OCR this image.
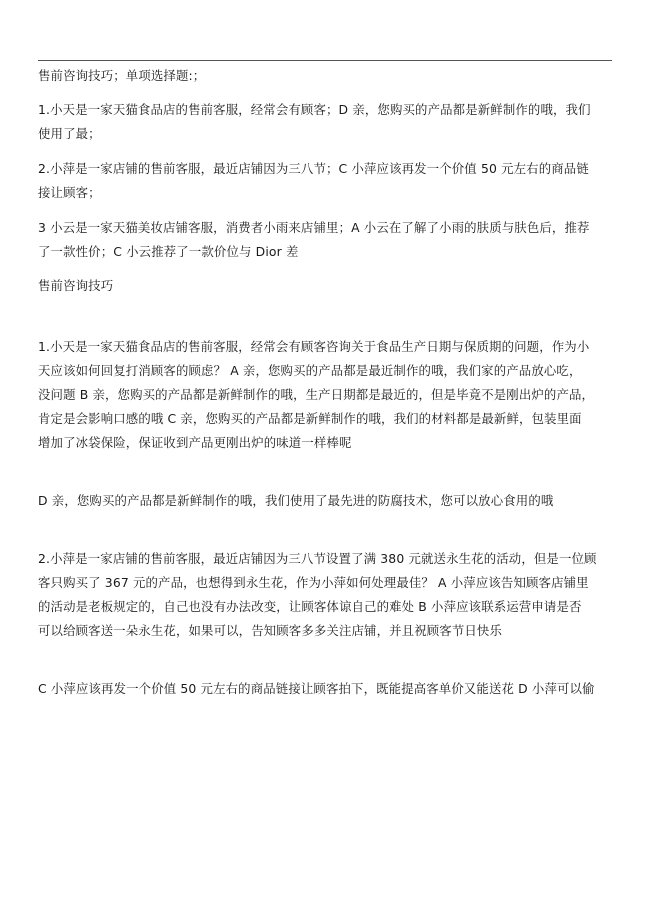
售前咨询技巧；单项选择题:；
1.小天是一家天猫食品店的售前客服，经常会有顾客；D 亲，您购买的产品都是新鲜制作的哦，我们
使用了最；
2.小萍是一家店铺的售前客服，最近店铺因为三八节；C 小萍应该再发一个价值 50 元左右的商品链
接让顾客；
3 小云是一家天猫美妆店铺客服，消费者小雨来店铺里；A 小云在了解了小雨的肤质与肤色后，推荐
了一款性价；C 小云推荐了一款价位与 Dior 差
售前咨询技巧
1.小天是一家天猫食品店的售前客服，经常会有顾客咨询关于食品生产日期与保质期的问题，作为小
天应该如何回复打消顾客的顾虑？ A 亲，您购买的产品都是最近制作的哦，我们家的产品放心吃，
没问题 B 亲，您购买的产品都是新鲜制作的哦，生产日期都是最近的，但是毕竟不是刚出炉的产品，
肯定是会影响口感的哦 C 亲，您购买的产品都是新鲜制作的哦，我们的材料都是最新鲜，包装里面
增加了冰袋保险，保证收到产品更刚出炉的味道一样棒呢
D 亲，您购买的产品都是新鲜制作的哦，我们使用了最先进的防腐技术，您可以放心食用的哦
2.小萍是一家店铺的售前客服，最近店铺因为三八节设置了满 380 元就送永生花的活动，但是一位顾
客只购买了 367 元的产品，也想得到永生花，作为小萍如何处理最佳？ A 小萍应该告知顾客店铺里
的活动是老板规定的，自己也没有办法改变，让顾客体谅自己的难处 B 小萍应该联系运营申请是否
可以给顾客送一朵永生花，如果可以，告知顾客多多关注店铺，并且祝顾客节日快乐
C 小萍应该再发一个价值 50 元左右的商品链接让顾客拍下，既能提高客单价又能送花 D 小萍可以偷
